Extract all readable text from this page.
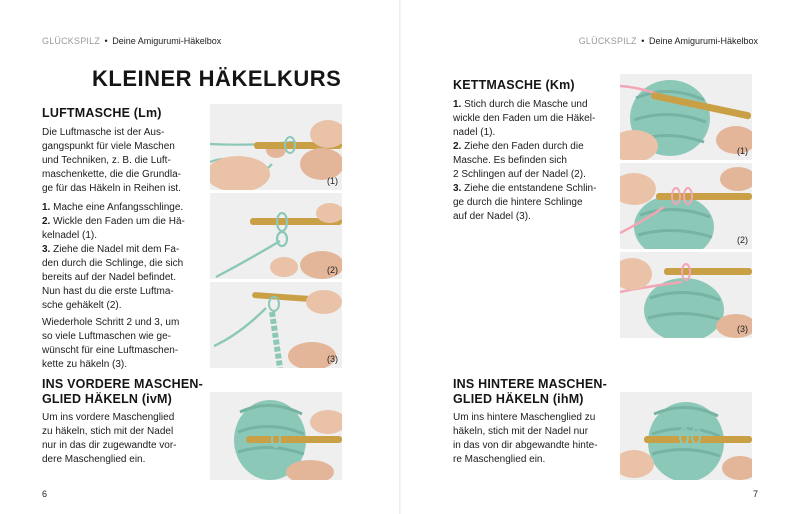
GLÜCKSPILZ • Deine Amigurumi-Häkelbox
KLEINER HÄKELKURS
LUFTMASCHE (Lm)
Die Luftmasche ist der Aus-
gangspunkt für viele Maschen
und Techniken, z. B. die Luft-
maschenkette, die die Grundla-
ge für das Häkeln in Reihen ist.
1. Mache eine Anfangsschlinge.
2. Wickle den Faden um die Hä-
kelnadel (1).
3. Ziehe die Nadel mit dem Fa-
den durch die Schlinge, die sich
bereits auf der Nadel befindet.
Nun hast du die erste Luftma-
sche gehäkelt (2).
Wiederhole Schritt 2 und 3, um
so viele Luftmaschen wie ge-
wünscht für eine Luftmaschen-
kette zu häkeln (3).
(1)
(2)
(3)
INS VORDERE MASCHEN-
GLIED HÄKELN (ivM)
Um ins vordere Maschenglied
zu häkeln, stich mit der Nadel
nur in das dir zugewandte vor-
dere Maschenglied ein.
6
GLÜCKSPILZ • Deine Amigurumi-Häkelbox
KETTMASCHE (Km)
1. Stich durch die Masche und
wickle den Faden um die Häkel-
nadel (1).
2. Ziehe den Faden durch die
Masche. Es befinden sich
2 Schlingen auf der Nadel (2).
3. Ziehe die entstandene Schlin-
ge durch die hintere Schlinge
auf der Nadel (3).
(1)
(2)
(3)
INS HINTERE MASCHEN-
GLIED HÄKELN (ihM)
Um ins hintere Maschenglied zu
häkeln, stich mit der Nadel nur
in das von dir abgewandte hinte-
re Maschenglied ein.
7
